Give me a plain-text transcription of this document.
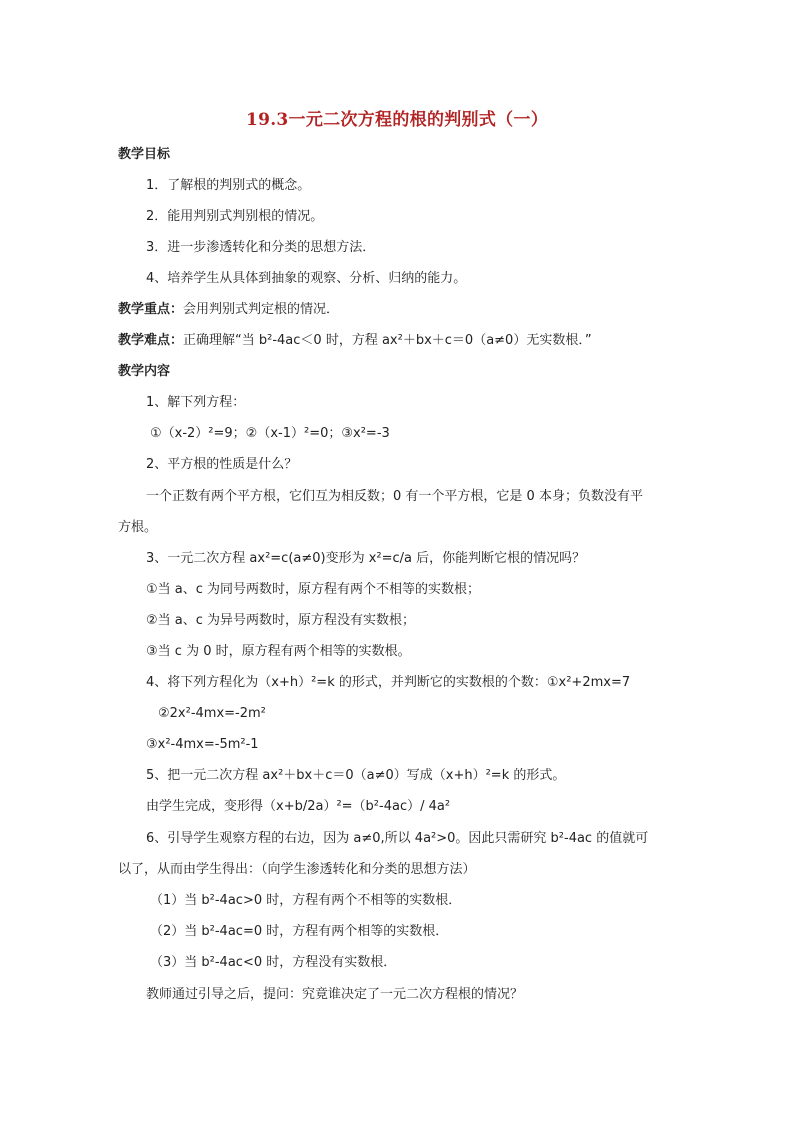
19.3一元二次方程的根的判别式（一）
教学目标
1．了解根的判别式的概念。
2．能用判别式判别根的情况。
3．进一步渗透转化和分类的思想方法．
4、培养学生从具体到抽象的观察、分析、归纳的能力。
教学重点：会用判别式判定根的情况．
教学难点：正确理解“当 b²-4ac＜0 时，方程 ax²＋bx＋c＝0（a≠0）无实数根．”
教学内容
1、解下列方程：
①（x-2）²=9；②（x-1）²=0；③x²=-3
2、平方根的性质是什么？
一个正数有两个平方根，它们互为相反数；0 有一个平方根，它是 0 本身；负数没有平
方根。
3、一元二次方程 ax²=c(a≠0)变形为 x²=c/a 后，你能判断它根的情况吗？
①当 a、c 为同号两数时，原方程有两个不相等的实数根；
②当 a、c 为异号两数时，原方程没有实数根；
③当 c 为 0 时，原方程有两个相等的实数根。
4、将下列方程化为（x+h）²=k 的形式，并判断它的实数根的个数：①x²+2mx=7
②2x²-4mx=-2m²
③x²-4mx=-5m²-1
5、把一元二次方程 ax²＋bx＋c＝0（a≠0）写成（x+h）²=k 的形式。
由学生完成，变形得（x+b/2a）²=（b²-4ac）/ 4a²
6、引导学生观察方程的右边，因为 a≠0,所以 4a²>0。因此只需研究 b²-4ac 的值就可
以了，从而由学生得出：（向学生渗透转化和分类的思想方法）
（1）当 b²-4ac>0 时，方程有两个不相等的实数根．
（2）当 b²-4ac=0 时，方程有两个相等的实数根．
（3）当 b²-4ac<0 时，方程没有实数根．
教师通过引导之后，提问：究竟谁决定了一元二次方程根的情况？
